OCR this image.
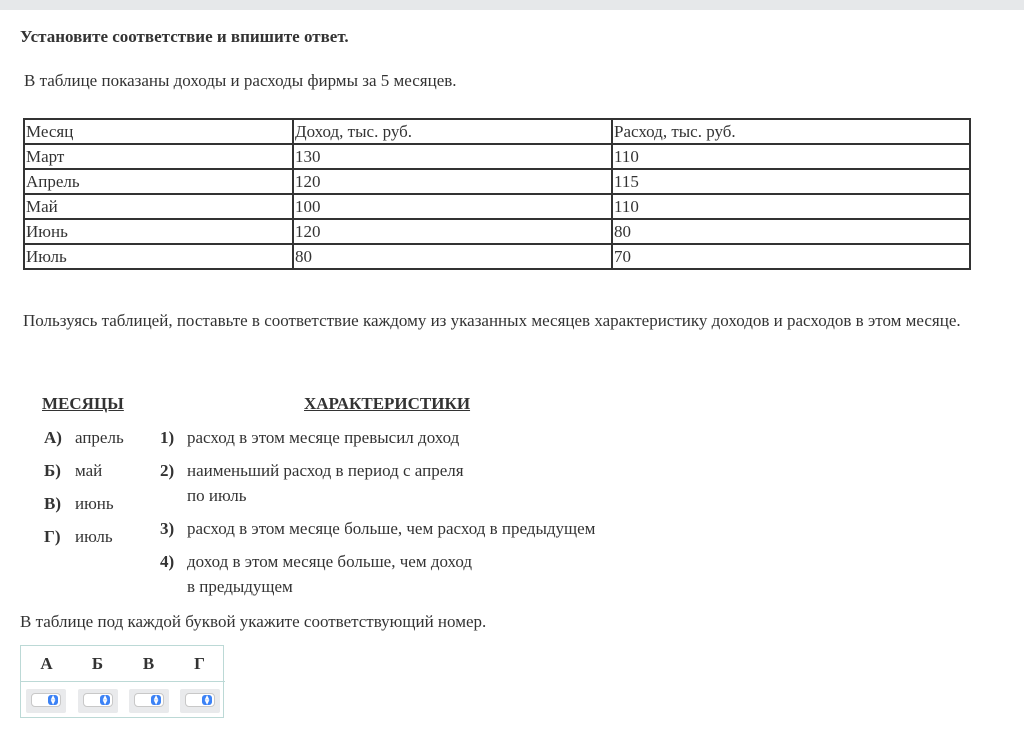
Установите соответствие и впишите ответ.
В таблице показаны доходы и расходы фирмы за 5 месяцев.
Месяц	Доход, тыс. руб.	Расход, тыс. руб.
Март	130	110
Апрель	120	115
Май	100	110
Июнь	120	80
Июль	80	70
Пользуясь таблицей, поставьте в соответствие каждому из указанных месяцев характеристику доходов и расходов в этом месяце.
МЕСЯЦЫ	ХАРАКТЕРИСТИКИ
А) апрель
Б) май
В) июнь
Г) июль
1) расход в этом месяце превысил доход
2) наименьший расход в период с апреля
по июль
3) расход в этом месяце больше, чем расход в предыдущем
4) доход в этом месяце больше, чем доход
в предыдущем
В таблице под каждой буквой укажите соответствующий номер.
А	Б	В	Г
▲
▼
▲
▼
▲
▼
▲
▼
